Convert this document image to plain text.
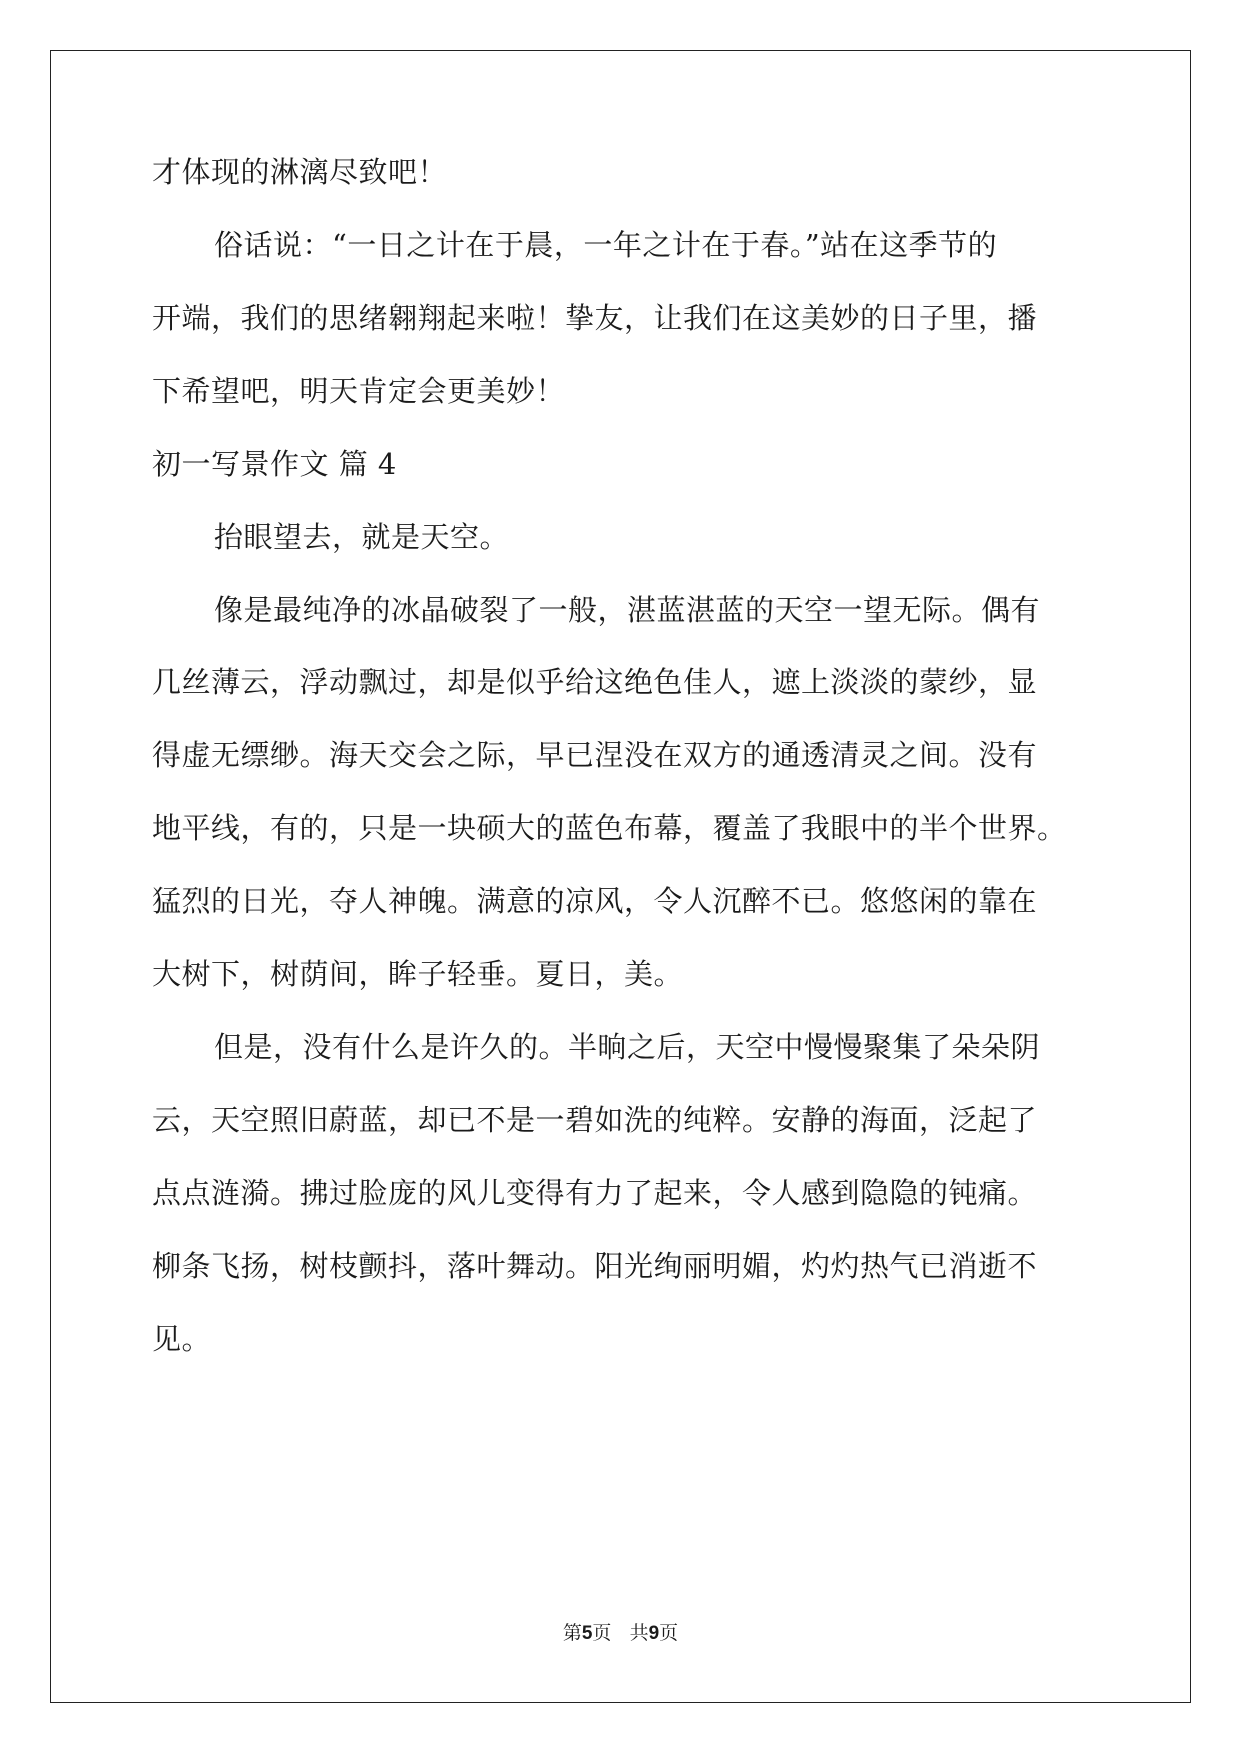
才体现的淋漓尽致吧！
俗话说：“一日之计在于晨，一年之计在于春。”站在这季节的
开端，我们的思绪翱翔起来啦！挚友，让我们在这美妙的日子里，播
下希望吧，明天肯定会更美妙！
初一写景作文 篇 4
抬眼望去，就是天空。
像是最纯净的冰晶破裂了一般，湛蓝湛蓝的天空一望无际。偶有
几丝薄云，浮动飘过，却是似乎给这绝色佳人，遮上淡淡的蒙纱，显
得虚无缥缈。海天交会之际，早已涅没在双方的通透清灵之间。没有
地平线，有的，只是一块硕大的蓝色布幕，覆盖了我眼中的半个世界。
猛烈的日光，夺人神魄。满意的凉风，令人沉醉不已。悠悠闲的靠在
大树下，树荫间，眸子轻垂。夏日，美。
但是，没有什么是许久的。半晌之后，天空中慢慢聚集了朵朵阴
云，天空照旧蔚蓝，却已不是一碧如洗的纯粹。安静的海面，泛起了
点点涟漪。拂过脸庞的风儿变得有力了起来，令人感到隐隐的钝痛。
柳条飞扬，树枝颤抖，落叶舞动。阳光绚丽明媚，灼灼热气已消逝不
见。
第5页 共9页
